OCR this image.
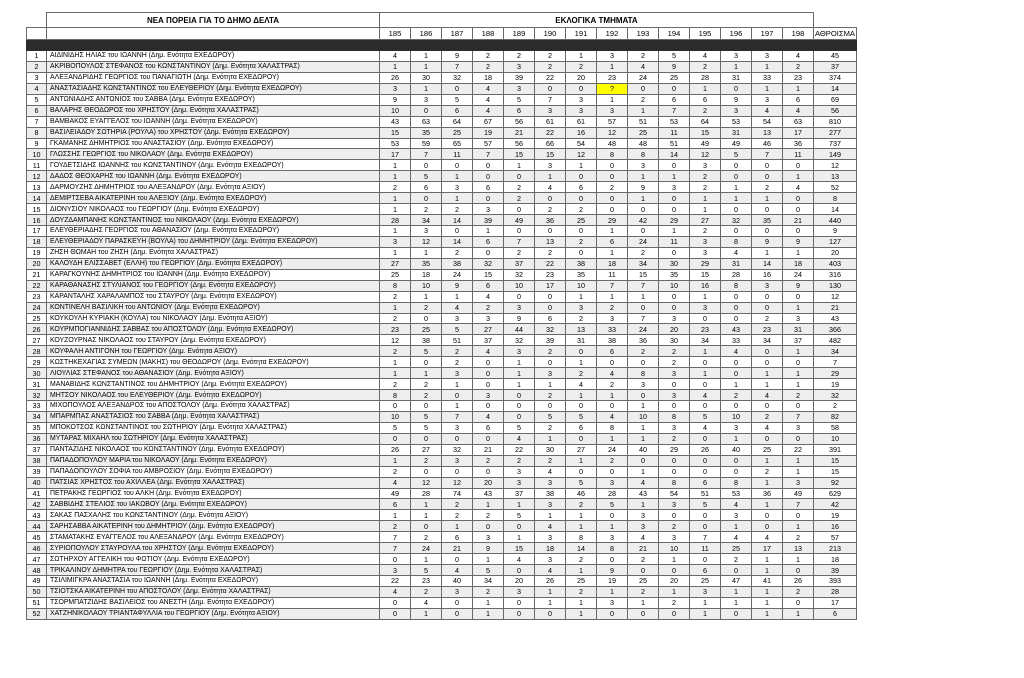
	ΝΕΑ ΠΟΡΕΙΑ ΓΙΑ ΤΟ ΔΗΜΟ ΔΕΛΤΑ	ΕΚΛΟΓΙΚΑ ΤΜΗΜΑΤΑ														
		185	186	187	188	189	190	191	192	193	194	195	196	197	198	ΑΘΡΟΙΣΜΑ

1	ΑΙΔΙΝΙΔΗΣ ΗΛΙΑΣ του ΙΩΑΝΝΗ (Δημ. Ενότητα ΕΧΕΔΩΡΟΥ)	4	1	9	2	2	2	1	3	2	5	4	3	3	4	45
2	ΑΚΡΙΒΟΠΟΥΛΟΣ ΣΤΕΦΑΝΟΣ του ΚΩΝΣΤΑΝΤΙΝΟΥ (Δημ. Ενότητα ΧΑΛΑΣΤΡΑΣ)	1	1	7	2	3	2	2	1	4	9	2	1	1	2	37
3	ΑΛΕΞΑΝΔΡΙΔΗΣ ΓΕΩΡΓΙΟΣ του ΠΑΝΑΓΙΩΤΗ (Δημ. Ενότητα ΕΧΕΔΩΡΟΥ)	26	30	32	18	39	22	20	23	24	25	28	31	33	23	374
4	ΑΝΑΣΤΑΣΙΑΔΗΣ ΚΩΝΣΤΑΝΤΙΝΟΣ του ΕΛΕΥΘΕΡΙΟΥ (Δημ. Ενότητα ΕΧΕΔΩΡΟΥ)	3	1	0	4	3	0	0	?	0	0	1	0	1	1	14
5	ΑΝΤΩΝΙΑΔΗΣ ΑΝΤΩΝΙΟΣ του ΣΑΒΒΑ (Δημ. Ενότητα ΕΧΕΔΩΡΟΥ)	9	3	5	4	5	7	3	1	2	6	6	9	3	6	69
6	ΒΑΛΑΡΗΣ ΘΕΟΔΩΡΟΣ του ΧΡΗΣΤΟΥ (Δημ. Ενότητα ΧΑΛΑΣΤΡΑΣ)	10	0	6	4	6	3	3	3	1	7	2	3	4	4	56
7	ΒΑΜΒΑΚΟΣ ΕΥΑΓΓΕΛΟΣ του ΙΩΑΝΝΗ (Δημ. Ενότητα ΕΧΕΔΩΡΟΥ)	43	63	64	67	56	61	61	57	51	53	64	53	54	63	810
8	ΒΑΣΙΛΕΙΑΔΟΥ ΣΩΤΗΡΙΑ (ΡΟΥΛΑ) του ΧΡΗΣΤΟΥ (Δημ. Ενότητα ΕΧΕΔΩΡΟΥ)	15	35	25	19	21	22	16	12	25	11	15	31	13	17	277
9	ΓΚΑΜΑΝΗΣ ΔΗΜΗΤΡΙΟΣ του ΑΝΑΣΤΑΣΙΟΥ (Δημ. Ενότητα ΕΧΕΔΩΡΟΥ)	53	59	65	57	56	66	54	48	48	51	49	49	46	36	737
10	ΓΛΩΣΣΗΣ ΓΕΩΡΓΙΟΣ του ΝΙΚΟΛΑΟΥ (Δημ. Ενότητα ΕΧΕΔΩΡΟΥ)	17	7	11	7	15	15	12	8	8	14	12	5	7	11	149
11	ΓΟΥΔΕΤΣΙΔΗΣ ΙΩΑΝΝΗΣ του ΚΩΝΣΤΑΝΤΙΝΟΥ (Δημ. Ενότητα ΕΧΕΔΩΡΟΥ)	1	0	0	0	1	3	1	0	3	0	3	0	0	0	12
12	ΔΑΔΟΣ ΘΕΟΧΑΡΗΣ του ΙΩΑΝΝΗ (Δημ. Ενότητα ΕΧΕΔΩΡΟΥ)	1	5	1	0	0	1	0	0	1	1	2	0	0	1	13
13	ΔΑΡΜΟΥΖΗΣ ΔΗΜΗΤΡΙΟΣ του ΑΛΕΞΑΝΔΡΟΥ (Δημ. Ενότητα ΑΞΙΟΥ)	2	6	3	6	2	4	6	2	9	3	2	1	2	4	52
14	ΔΕΜΙΡΤΣΕΒΑ ΑΙΚΑΤΕΡΙΝΗ του ΑΛΕΞΙΟΥ (Δημ. Ενότητα ΕΧΕΔΩΡΟΥ)	1	0	1	0	2	0	0	0	1	0	1	1	1	0	8
15	ΔΙΟΝΥΣΙΟΥ ΝΙΚΟΛΑΟΣ του ΓΕΩΡΓΙΟΥ (Δημ. Ενότητα ΕΧΕΔΩΡΟΥ)	1	2	2	3	0	2	2	0	0	0	1	0	0	0	14
16	ΔΟΥΖΔΑΜΠΑΝΗΣ ΚΩΝΣΤΑΝΤΙΝΟΣ του ΝΙΚΟΛΑΟΥ (Δημ. Ενότητα ΕΧΕΔΩΡΟΥ)	28	34	14	39	49	36	25	29	42	29	27	32	35	21	440
17	ΕΛΕΥΘΕΡΙΑΔΗΣ ΓΕΩΡΓΙΟΣ του ΑΘΑΝΑΣΙΟΥ (Δημ. Ενότητα ΕΧΕΔΩΡΟΥ)	1	3	0	1	0	0	0	1	0	1	2	0	0	0	9
18	ΕΛΕΥΘΕΡΙΑΔΟΥ ΠΑΡΑΣΚΕΥΗ (ΒΟΥΛΑ) του ΔΗΜΗΤΡΙΟΥ (Δημ. Ενότητα ΕΧΕΔΩΡΟΥ)	3	12	14	6	7	13	2	6	24	11	3	8	9	9	127
19	ΖΗΣΗ ΘΩΜΑΗ του ΖΗΣΗ (Δημ. Ενότητα ΧΑΛΑΣΤΡΑΣ)	1	1	2	0	2	2	0	1	2	0	3	4	1	1	20
20	ΚΑΛΟΥΔΗ ΕΛΙΣΣΑΒΕΤ (ΕΛΛΗ) του ΓΕΩΡΓΙΟΥ (Δημ. Ενότητα ΕΧΕΔΩΡΟΥ)	27	35	38	32	37	22	38	18	34	30	29	31	14	18	403
21	ΚΑΡΑΓΚΟΥΝΗΣ ΔΗΜΗΤΡΙΟΣ του ΙΩΑΝΝΗ (Δημ. Ενότητα ΕΧΕΔΩΡΟΥ)	25	18	24	15	32	23	35	11	15	35	15	28	16	24	316
22	ΚΑΡΑΘΑΝΑΣΗΣ ΣΤΥΛΙΑΝΟΣ του ΓΕΩΡΓΙΟΥ (Δημ. Ενότητα ΕΧΕΔΩΡΟΥ)	8	10	9	6	10	17	10	7	7	10	16	8	3	9	130
23	ΚΑΡΑΝΤΑΛΗΣ ΧΑΡΑΛΑΜΠΟΣ του ΣΤΑΥΡΟΥ (Δημ. Ενότητα ΕΧΕΔΩΡΟΥ)	2	1	1	4	0	0	1	1	1	0	1	0	0	0	12
24	ΚΟΝΤΙΝΕΛΗ ΒΑΣΙΛΙΚΗ του ΑΝΤΩΝΙΟΥ (Δημ. Ενότητα ΕΧΕΔΩΡΟΥ)	1	2	4	2	3	0	3	2	0	0	3	0	0	1	21
25	ΚΟΥΚΟΥΛΗ ΚΥΡΙΑΚΗ (ΚΟΥΛΑ) του ΝΙΚΟΛΑΟΥ (Δημ. Ενότητα ΑΞΙΟΥ)	2	0	3	3	9	6	2	3	7	3	0	0	2	3	43
26	ΚΟΥΡΜΠΟΓΙΑΝΝΙΔΗΣ ΣΑΒΒΑΣ του ΑΠΟΣΤΟΛΟΥ (Δημ. Ενότητα ΕΧΕΔΩΡΟΥ)	23	25	5	27	44	32	13	33	24	20	23	43	23	31	366
27	ΚΟΥΖΟΥΡΝΑΣ ΝΙΚΟΛΑΟΣ του ΣΤΑΥΡΟΥ (Δημ. Ενότητα ΕΧΕΔΩΡΟΥ)	12	38	51	37	32	39	31	38	36	30	34	33	34	37	482
28	ΚΟΥΦΑΛΗ ΑΝΤΙΓΟΝΗ του ΓΕΩΡΓΙΟΥ (Δημ. Ενότητα ΑΞΙΟΥ)	2	5	2	4	3	2	0	6	2	2	1	4	0	1	34
29	ΚΩΣΤΗΚΕΧΑΓΙΑΣ ΣΥΜΕΩΝ (ΜΑΚΗΣ) του ΘΕΟΔΩΡΟΥ (Δημ. Ενότητα ΕΧΕΔΩΡΟΥ)	1	0	2	0	1	0	1	0	0	2	0	0	0	0	7
30	ΛΙΟΥΛΙΑΣ ΣΤΕΦΑΝΟΣ του ΑΘΑΝΑΣΙΟΥ (Δημ. Ενότητα ΑΞΙΟΥ)	1	1	3	0	1	3	2	4	8	3	1	0	1	1	29
31	ΜΑΝΑΒΙΔΗΣ ΚΩΝΣΤΑΝΤΙΝΟΣ του ΔΗΜΗΤΡΙΟΥ (Δημ. Ενότητα ΕΧΕΔΩΡΟΥ)	2	2	1	0	1	1	4	2	3	0	0	1	1	1	19
32	ΜΗΤΣΟΥ ΝΙΚΟΛΑΟΣ του ΕΛΕΥΘΕΡΙΟΥ (Δημ. Ενότητα ΕΧΕΔΩΡΟΥ)	8	2	0	3	0	2	1	1	0	3	4	2	4	2	32
33	ΜΙΧΟΠΟΥΛΟΣ ΑΛΕΞΑΝΔΡΟΣ του ΑΠΟΣΤΟΛΟΥ (Δημ. Ενότητα ΧΑΛΑΣΤΡΑΣ)	0	0	1	0	0	0	0	0	1	0	0	0	0	0	2
34	ΜΠΑΡΜΠΑΣ ΑΝΑΣΤΑΣΙΟΣ του ΣΑΒΒΑ (Δημ. Ενότητα ΧΑΛΑΣΤΡΑΣ)	10	5	7	4	0	5	5	4	10	8	5	10	2	7	82
35	ΜΠΟΚΟΤΣΟΣ ΚΩΝΣΤΑΝΤΙΝΟΣ του ΣΩΤΗΡΙΟΥ (Δημ. Ενότητα ΧΑΛΑΣΤΡΑΣ)	5	5	3	6	5	2	6	8	1	3	4	3	4	3	58
36	ΜΥΤΑΡΑΣ ΜΙΧΑΗΛ του ΣΩΤΗΡΙΟΥ (Δημ. Ενότητα ΧΑΛΑΣΤΡΑΣ)	0	0	0	0	4	1	0	1	1	2	0	1	0	0	10
37	ΠΑΝΤΑΖΙΔΗΣ ΝΙΚΟΛΑΟΣ του ΚΩΝΣΤΑΝΤΙΝΟΥ (Δημ. Ενότητα ΕΧΕΔΩΡΟΥ)	26	27	32	21	22	30	27	24	40	29	26	40	25	22	391
38	ΠΑΠΑΔΟΠΟΥΛΟΥ ΜΑΡΙΑ του ΝΙΚΟΛΑΟΥ (Δημ. Ενότητα ΕΧΕΔΩΡΟΥ)	1	2	3	2	2	2	1	2	0	0	0	0	1	1	15
39	ΠΑΠΑΔΟΠΟΥΛΟΥ ΣΟΦΙΑ του ΑΜΒΡΟΣΙΟΥ (Δημ. Ενότητα ΕΧΕΔΩΡΟΥ)	2	0	0	0	3	4	0	0	1	0	0	0	2	1	15
40	ΠΑΤΣΙΑΣ ΧΡΗΣΤΟΣ του ΑΧΙΛΛΕΑ (Δημ. Ενότητα ΧΑΛΑΣΤΡΑΣ)	4	12	12	20	3	3	5	3	4	8	6	8	1	3	92
41	ΠΕΤΡΑΚΗΣ ΓΕΩΡΓΙΟΣ του ΑΛΚΗ (Δημ. Ενότητα ΕΧΕΔΩΡΟΥ)	49	28	74	43	37	38	46	28	43	54	51	53	36	49	629
42	ΣΑΒΒΙΔΗΣ ΣΤΕΛΙΟΣ του ΙΑΚΩΒΟΥ (Δημ. Ενότητα ΕΧΕΔΩΡΟΥ)	6	1	2	1	1	3	2	5	1	3	5	4	1	7	42
43	ΣΑΚΑΣ ΠΑΣΧΑΛΗΣ του ΚΩΝΣΤΑΝΤΙΝΟΥ (Δημ. Ενότητα ΑΞΙΟΥ)	1	1	2	2	5	1	1	0	3	0	0	3	0	0	19
44	ΣΑΡΗΣΑΒΒΑ ΑΙΚΑΤΕΡΙΝΗ του ΔΗΜΗΤΡΙΟΥ (Δημ. Ενότητα ΕΧΕΔΩΡΟΥ)	2	0	1	0	0	4	1	1	3	2	0	1	0	1	16
45	ΣΤΑΜΑΤΑΚΗΣ ΕΥΑΓΓΕΛΟΣ του ΑΛΕΞΑΝΔΡΟΥ (Δημ. Ενότητα ΕΧΕΔΩΡΟΥ)	7	2	6	3	1	3	8	3	4	3	7	4	4	2	57
46	ΣΥΡΙΟΠΟΥΛΟΥ ΣΤΑΥΡΟΥΛΑ του ΧΡΗΣΤΟΥ (Δημ. Ενότητα ΕΧΕΔΩΡΟΥ)	7	24	21	9	15	18	14	8	21	10	11	25	17	13	213
47	ΣΩΤΗΡΧΟΥ ΑΓΓΕΛΙΚΗ του ΦΩΤΙΟΥ (Δημ. Ενότητα ΕΧΕΔΩΡΟΥ)	0	1	0	1	4	3	2	0	2	1	0	2	1	1	18
48	ΤΡΙΚΑΛΙΝΟΥ ΔΗΜΗΤΡΑ του ΓΕΩΡΓΙΟΥ (Δημ. Ενότητα ΧΑΛΑΣΤΡΑΣ)	3	5	4	5	0	4	1	9	0	0	6	0	1	0	39
49	ΤΣΙΛΙΜΙΓΚΡΑ ΑΝΑΣΤΑΣΙΑ του ΙΩΑΝΝΗ (Δημ. Ενότητα ΕΧΕΔΩΡΟΥ)	22	23	40	34	20	26	25	19	25	20	25	47	41	26	393
50	ΤΣΙΟΤΣΚΑ ΑΙΚΑΤΕΡΙΝΗ του ΑΠΟΣΤΟΛΟΥ (Δημ. Ενότητα ΧΑΛΑΣΤΡΑΣ)	4	2	3	2	3	1	2	1	2	1	3	1	1	2	28
51	ΤΣΟΡΜΠΑΤΖΙΔΗΣ ΒΑΣΙΛΕΙΟΣ του ΑΝΕΣΤΗ (Δημ. Ενότητα ΕΧΕΔΩΡΟΥ)	0	4	0	1	0	1	1	3	1	2	1	1	1	0	17
52	ΧΑΤΖΗΝΙΚΟΛΑΟΥ ΤΡΙΑΝΤΑΦΥΛΛΙΑ του ΓΕΩΡΓΙΟΥ (Δημ. Ενότητα ΑΞΙΟΥ)	0	1	0	1	0	0	1	0	0	0	1	0	1	1	6
